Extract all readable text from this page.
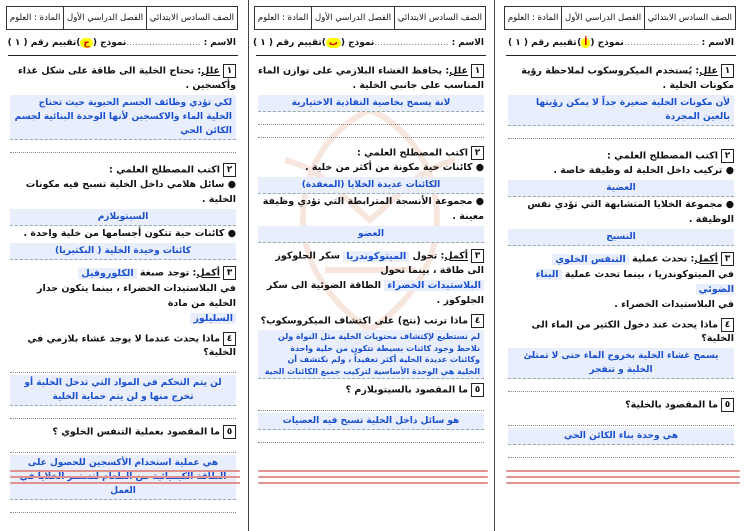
الصف السادس الابتدائي
الفصل الدراسي الأول
المادة : العلوم
الاسم : ..........................
نموذج (أ)
تقييم رقم ( ١ )
١علل: يُستخدم الميكروسكوب لملاحظة رؤية مكونات الخلية .
لأن مكونات الخلية صغيرة جداً لا يمكن رؤيتها بالعين المجردة
٢اكتب المصطلح العلمي :
● تركيب داخل الخلية له وظيفة خاصة .
العضية
● مجموعة الخلايا المتشابهة التي تؤدي نفس الوظيفة .
النسيج
٣أكمل: تحدث عملية التنفس الخلوي
في الميتوكوندريا ، بينما تحدث عملية البناء الضوئي
في البلاستيدات الخضراء .
٤ماذا يحدث عند دخول الكثير من الماء الى الخلية؟
يسمح غشاء الخلية بخروج الماء حتى لا تمتلئ الخلية و تنفجر
٥ما المقصود بالخلية؟
هي وحدة بناء الكائن الحي
الصف السادس الابتدائي
الفصل الدراسي الأول
المادة : العلوم
الاسم : ..........................
نموذج (ب)
تقييم رقم ( ١ )
١علل: يحافظ الغشاء البلازمي على توازن الماء المناسب على جانبي الخلية .
لانة يسمح بخاصية النفاذية الاختيارية
٢اكتب المصطلح العلمي :
● كائنات حية مكونة من أكثر من خلية .
الكائنات عديدة الخلايا (المعقدة)
● مجموعة الأنسجة المترابطة التي تؤدي وظيفة معينة .
العضو
٣أكمل: تحول الميتوكوندريا سكر الجلوكوز الى طاقة ، بينما تحول
البلاستيدات الخضراء الطاقة الضوئية الى سكر الجلوكوز .
٤ماذا ترتب (نتج) على اكتشاف الميكروسكوب؟
لم نستطيع لإكتشاف محتويات الخلية مثل النواة ولن نلاحظ وجود كائنات بسيطة تتكون من خلية واحدة وكائنات عديدة الخلية أكثر تعقيداً ، ولم نكتشف أن الخلية هي الوحدة الأساسية لتركيب جميع الكائنات الحية
٥ما المقصود بالسيتوبلازم ؟
هو سائل داخل الخلية تسبح فيه العضيات
الصف السادس الابتدائي
الفصل الدراسي الأول
المادة : العلوم
الاسم : ..........................
نموذج (ج)
تقييم رقم ( ١ )
١علل: تحتاج الخلية الى طاقة على شكل غذاء وأكسجين .
لكي تؤدي وظائف الجسم الحيوية حيث تحتاج الخلية الماء والاكسجين لأنها الوحدة البنائية لجسم الكائن الحي
٢اكتب المصطلح العلمي :
● سائل هلامي داخل الخلية تسبح فيه مكونات الخلية .
السيتوبلازم
● كائنات حية تتكون أجسامها من خلية واحدة .
كائنات وحيدة الخلية ( البكتيريا)
٣أكمل: توجد صبغة الكلوروفيل
في البلاستيدات الخضراء ، بينما يتكون جدار الخلية من مادة
السليلوز
٤ماذا يحدث عندما لا يوجد غشاء بلازمي في الخلية؟
لن يتم التحكم في المواد التي تدخل الخلية أو تخرج منها و لن يتم حماية الخلية
٥ما المقصود بعملية التنفس الخلوي ؟
هي عملية استخدام الأكسجين للحصول على العمل
